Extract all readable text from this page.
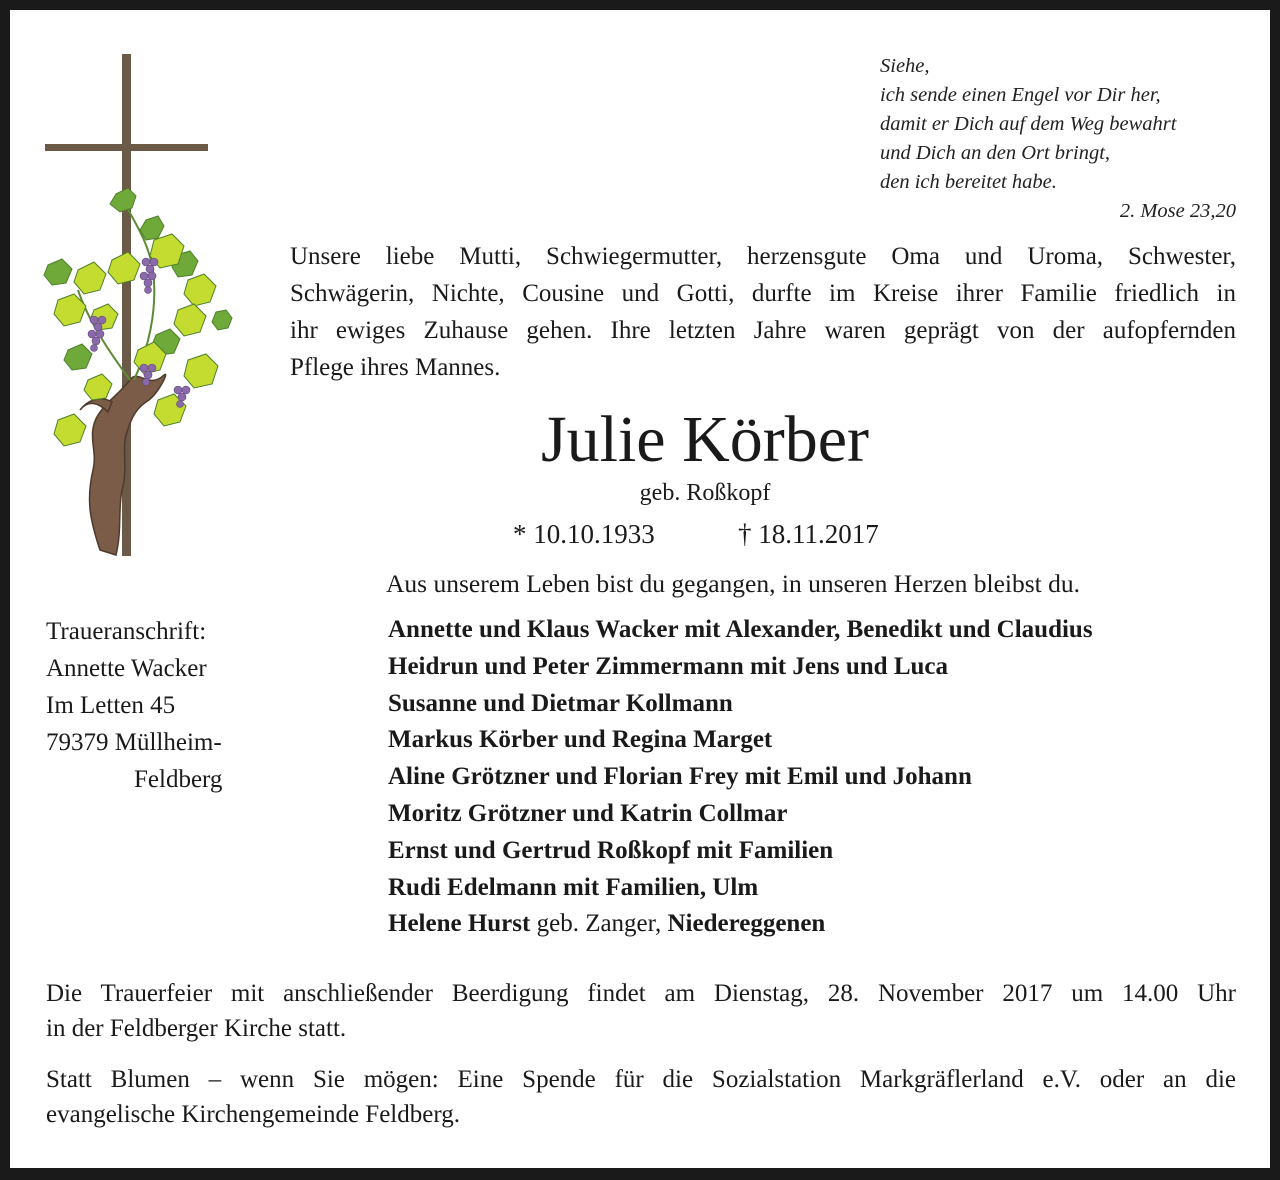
Siehe,
ich sende einen Engel vor Dir her,
damit er Dich auf dem Weg bewahrt
und Dich an den Ort bringt,
den ich bereitet habe.
2. Mose 23,20
Unsere liebe Mutti, Schwiegermutter, herzensgute Oma und Uroma, Schwester,
Schwägerin, Nichte, Cousine und Gotti, durfte im Kreise ihrer Familie friedlich in
ihr ewiges Zuhause gehen. Ihre letzten Jahre waren geprägt von der aufopfernden
Pflege ihres Mannes.
Julie Körber
geb. Roßkopf
* 10.10.1933	† 18.11.2017
Aus unserem Leben bist du gegangen, in unseren Herzen bleibst du.
Traueranschrift:
Annette Wacker
Im Letten 45
79379 Müllheim-
Feldberg
Annette und Klaus Wacker mit Alexander, Benedikt und Claudius
Heidrun und Peter Zimmermann mit Jens und Luca
Susanne und Dietmar Kollmann
Markus Körber und Regina Marget
Aline Grötzner und Florian Frey mit Emil und Johann
Moritz Grötzner und Katrin Collmar
Ernst und Gertrud Roßkopf mit Familien
Rudi Edelmann mit Familien, Ulm
Helene Hurst geb. Zanger, Niedereggenen
Die Trauerfeier mit anschließender Beerdigung findet am Dienstag, 28. November 2017 um 14.00 Uhr
in der Feldberger Kirche statt.
Statt Blumen – wenn Sie mögen: Eine Spende für die Sozialstation Markgräflerland e.V. oder an die
evangelische Kirchengemeinde Feldberg.
